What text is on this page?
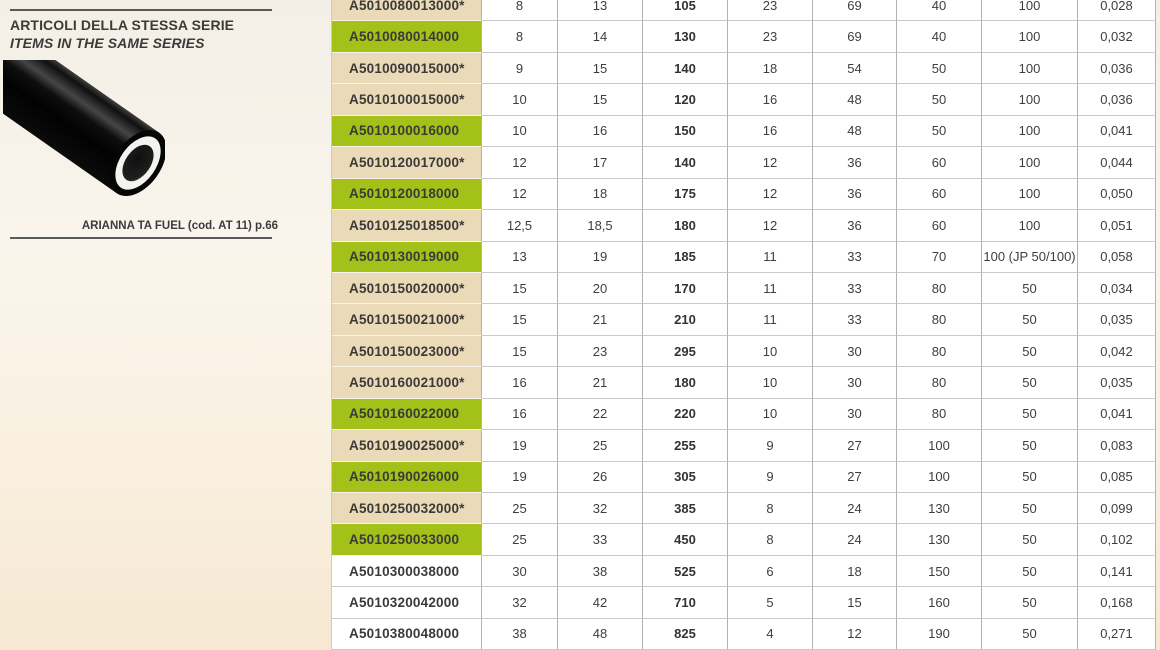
ARTICOLI DELLA STESSA SERIE
ITEMS IN THE SAME SERIES
ARIANNA TA FUEL (cod. AT 11) p.66
A5010080013000*	8	13	105	23	69	40	100	0,028
A5010080014000	8	14	130	23	69	40	100	0,032
A5010090015000*	9	15	140	18	54	50	100	0,036
A5010100015000*	10	15	120	16	48	50	100	0,036
A5010100016000	10	16	150	16	48	50	100	0,041
A5010120017000*	12	17	140	12	36	60	100	0,044
A5010120018000	12	18	175	12	36	60	100	0,050
A5010125018500*	12,5	18,5	180	12	36	60	100	0,051
A5010130019000	13	19	185	11	33	70	100 (JP 50/100)	0,058
A5010150020000*	15	20	170	11	33	80	50	0,034
A5010150021000*	15	21	210	11	33	80	50	0,035
A5010150023000*	15	23	295	10	30	80	50	0,042
A5010160021000*	16	21	180	10	30	80	50	0,035
A5010160022000	16	22	220	10	30	80	50	0,041
A5010190025000*	19	25	255	9	27	100	50	0,083
A5010190026000	19	26	305	9	27	100	50	0,085
A5010250032000*	25	32	385	8	24	130	50	0,099
A5010250033000	25	33	450	8	24	130	50	0,102
A5010300038000	30	38	525	6	18	150	50	0,141
A5010320042000	32	42	710	5	15	160	50	0,168
A5010380048000	38	48	825	4	12	190	50	0,271
